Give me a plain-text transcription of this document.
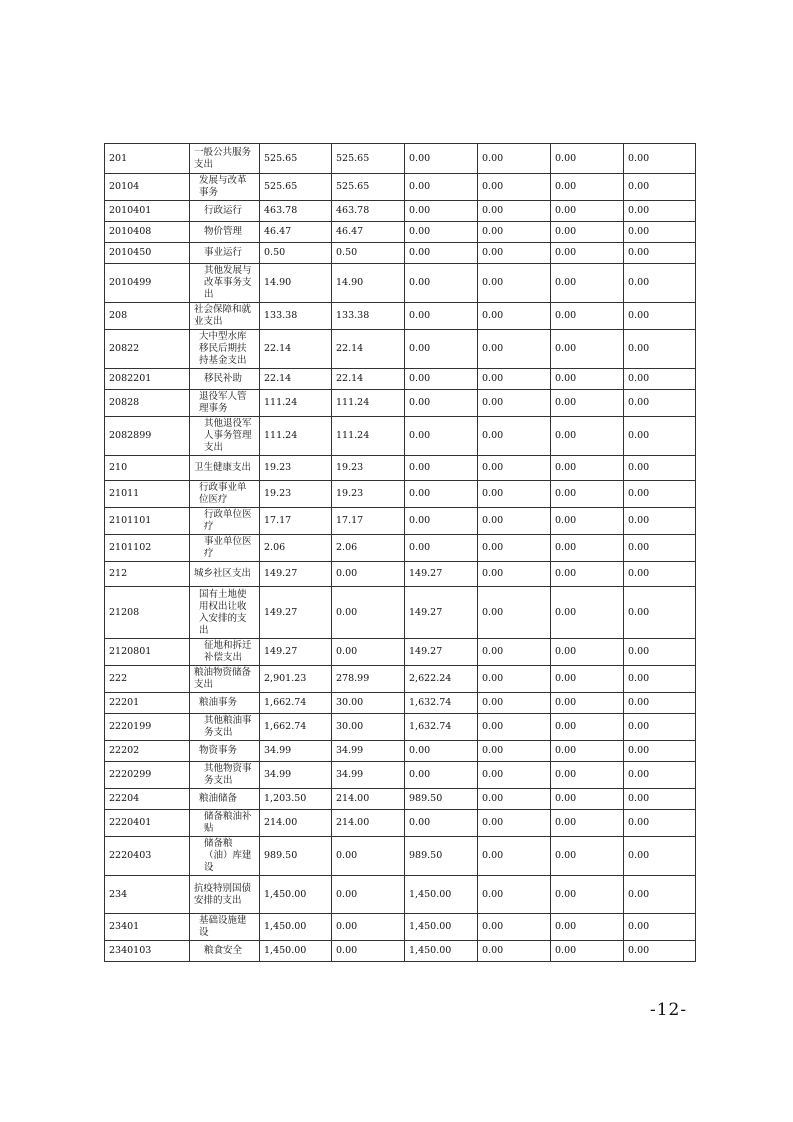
201	一般公共服务支出	525.65	525.65	0.00	0.00	0.00	0.00
20104	发展与改革事务	525.65	525.65	0.00	0.00	0.00	0.00
2010401	行政运行	463.78	463.78	0.00	0.00	0.00	0.00
2010408	物价管理	46.47	46.47	0.00	0.00	0.00	0.00
2010450	事业运行	0.50	0.50	0.00	0.00	0.00	0.00
2010499	其他发展与改革事务支出	14.90	14.90	0.00	0.00	0.00	0.00
208	社会保障和就业支出	133.38	133.38	0.00	0.00	0.00	0.00
20822	大中型水库移民后期扶持基金支出	22.14	22.14	0.00	0.00	0.00	0.00
2082201	移民补助	22.14	22.14	0.00	0.00	0.00	0.00
20828	退役军人管理事务	111.24	111.24	0.00	0.00	0.00	0.00
2082899	其他退役军人事务管理支出	111.24	111.24	0.00	0.00	0.00	0.00
210	卫生健康支出	19.23	19.23	0.00	0.00	0.00	0.00
21011	行政事业单位医疗	19.23	19.23	0.00	0.00	0.00	0.00
2101101	行政单位医疗	17.17	17.17	0.00	0.00	0.00	0.00
2101102	事业单位医疗	2.06	2.06	0.00	0.00	0.00	0.00
212	城乡社区支出	149.27	0.00	149.27	0.00	0.00	0.00
21208	国有土地使用权出让收入安排的支出	149.27	0.00	149.27	0.00	0.00	0.00
2120801	征地和拆迁补偿支出	149.27	0.00	149.27	0.00	0.00	0.00
222	粮油物资储备支出	2,901.23	278.99	2,622.24	0.00	0.00	0.00
22201	粮油事务	1,662.74	30.00	1,632.74	0.00	0.00	0.00
2220199	其他粮油事务支出	1,662.74	30.00	1,632.74	0.00	0.00	0.00
22202	物资事务	34.99	34.99	0.00	0.00	0.00	0.00
2220299	其他物资事务支出	34.99	34.99	0.00	0.00	0.00	0.00
22204	粮油储备	1,203.50	214.00	989.50	0.00	0.00	0.00
2220401	储备粮油补贴	214.00	214.00	0.00	0.00	0.00	0.00
2220403	储备粮（油）库建设	989.50	0.00	989.50	0.00	0.00	0.00
234	抗疫特别国债安排的支出	1,450.00	0.00	1,450.00	0.00	0.00	0.00
23401	基础设施建设	1,450.00	0.00	1,450.00	0.00	0.00	0.00
2340103	粮食安全	1,450.00	0.00	1,450.00	0.00	0.00	0.00
-12-
